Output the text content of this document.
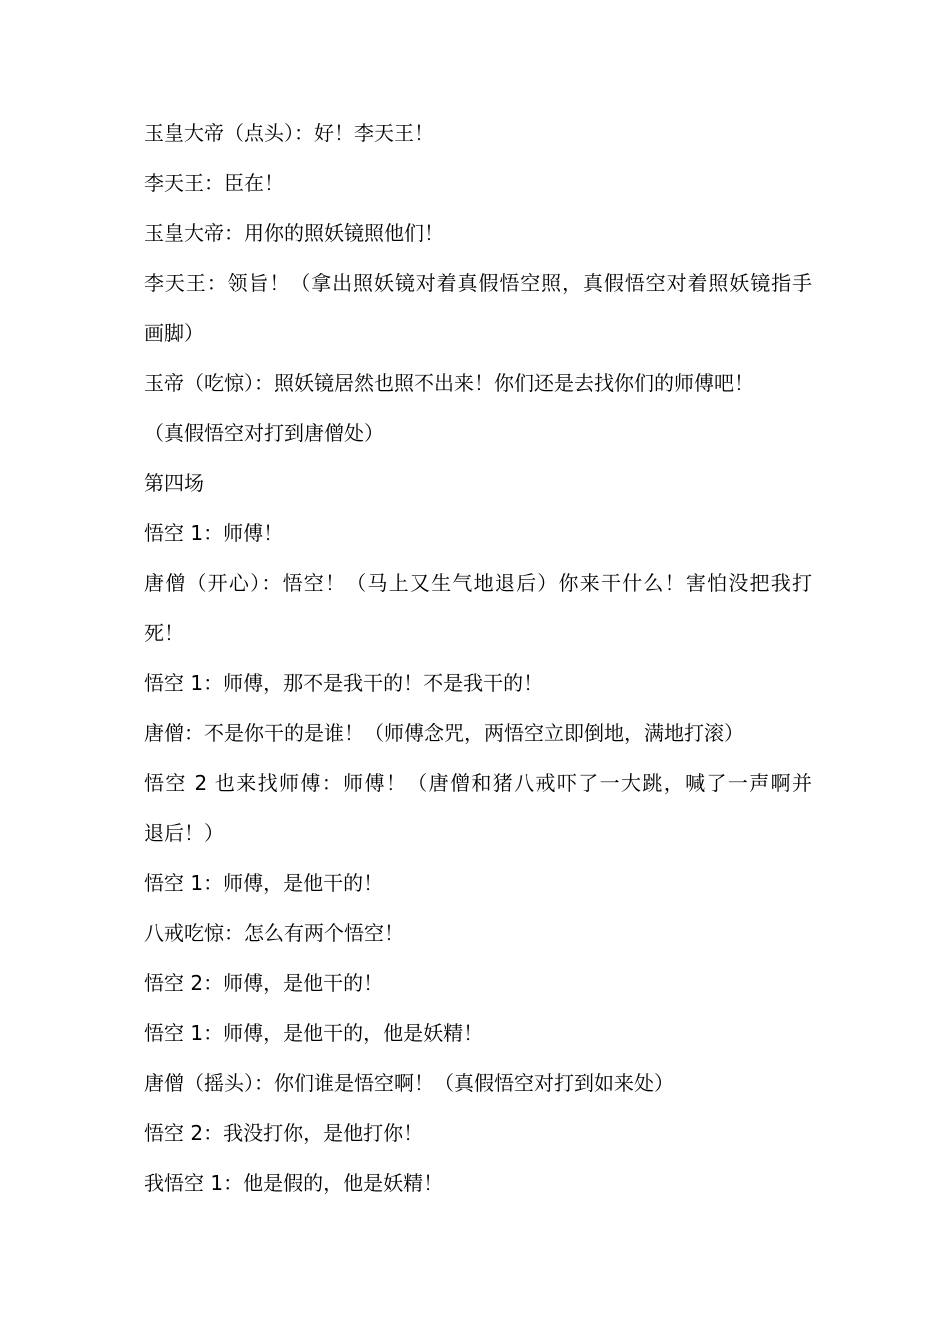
玉皇大帝（点头）：好！李天王！
李天王：臣在！
玉皇大帝：用你的照妖镜照他们！
李天王：领旨！（拿出照妖镜对着真假悟空照，真假悟空对着照妖镜指手
画脚）
玉帝（吃惊）：照妖镜居然也照不出来！你们还是去找你们的师傅吧！
（真假悟空对打到唐僧处）
第四场
悟空 1：师傅！
唐僧（开心）：悟空！（马上又生气地退后）你来干什么！害怕没把我打
死！
悟空 1：师傅，那不是我干的！不是我干的！
唐僧：不是你干的是谁！（师傅念咒，两悟空立即倒地，满地打滚）
悟空 2 也来找师傅：师傅！（唐僧和猪八戒吓了一大跳，喊了一声啊并
退后！）
悟空 1：师傅，是他干的！
八戒吃惊：怎么有两个悟空！
悟空 2：师傅，是他干的！
悟空 1：师傅，是他干的，他是妖精！
唐僧（摇头）：你们谁是悟空啊！（真假悟空对打到如来处）
悟空 2：我没打你，是他打你！
我悟空 1：他是假的，他是妖精！
